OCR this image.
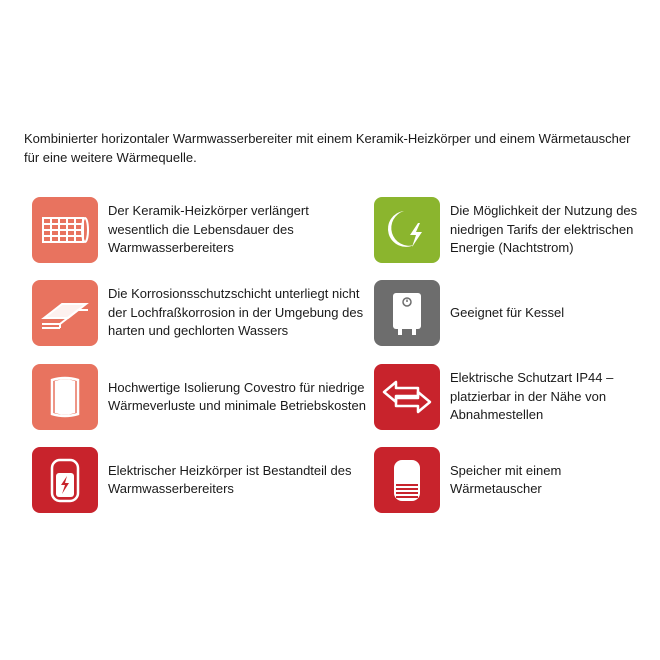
Kombinierter horizontaler Warmwasserbereiter mit einem Keramik-Heizkörper und einem Wärmetauscher für eine weitere Wärmequelle.

Der Keramik-Heizkörper verlängert wesentlich die Lebensdauer des Warmwasserbereiters
Die Möglichkeit der Nutzung des niedrigen Tarifs der elektrischen Energie (Nachtstrom)
Die Korrosionsschutzschicht unterliegt nicht der Lochfraßkorrosion in der Umgebung des harten und gechlorten Wassers
Geeignet für Kessel
Hochwertige Isolierung Covestro für niedrige Wärmeverluste und minimale Betriebskosten
Elektrische Schutzart IP44 – platzierbar in der Nähe von Abnahmestellen
Elektrischer Heizkörper ist Bestandteil des Warmwasserbereiters
Speicher mit einem Wärmetauscher
